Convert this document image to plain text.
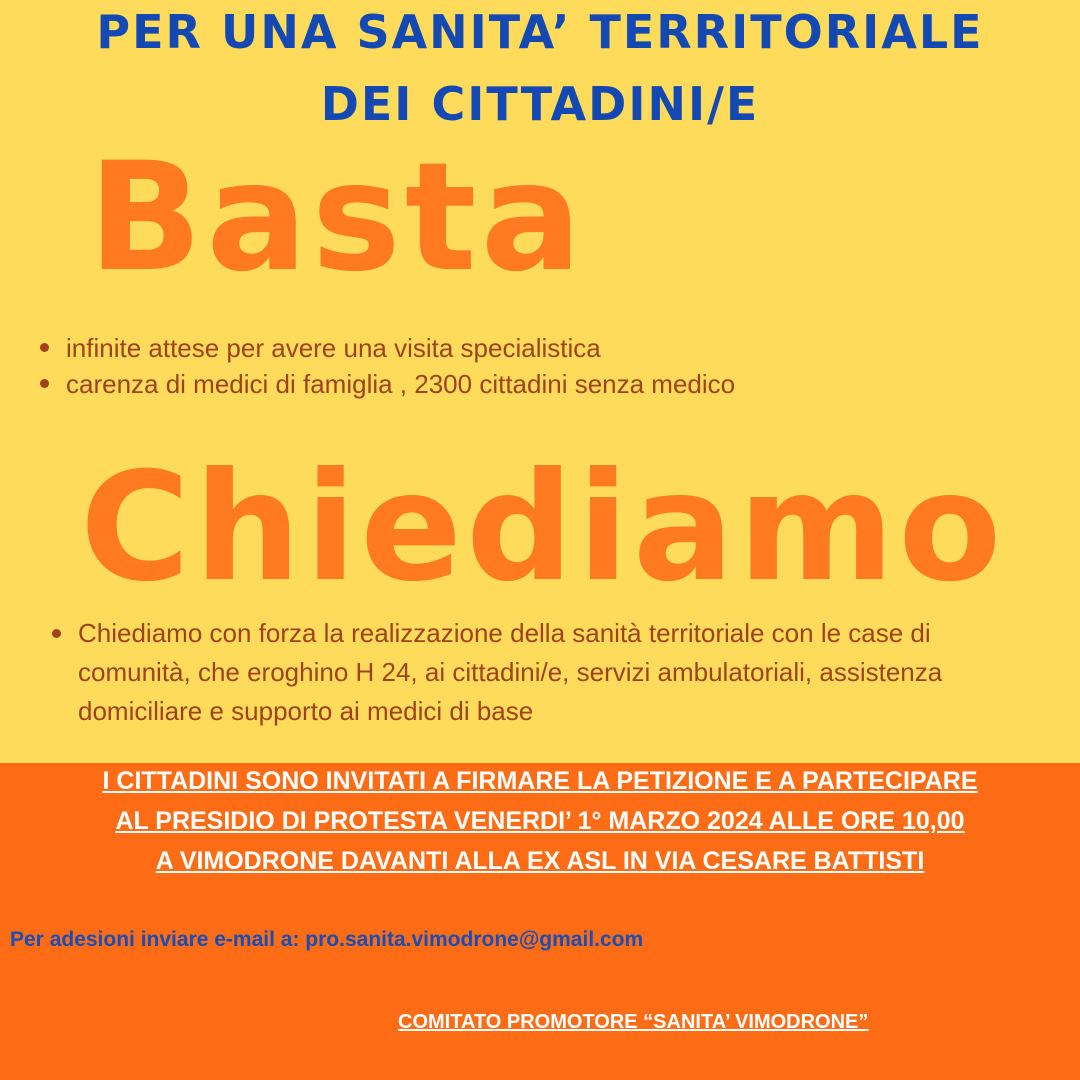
PER UNA SANITA’ TERRITORIALE
DEI CITTADINI/E
Basta
infinite attese per avere una visita specialistica
carenza di medici di famiglia , 2300 cittadini senza medico
Chiediamo
Chiediamo con forza la realizzazione della sanità territoriale con le case di comunità, che eroghino H 24, ai cittadini/e, servizi ambulatoriali, assistenza domiciliare e supporto ai medici di base
I CITTADINI SONO INVITATI A FIRMARE LA PETIZIONE E A PARTECIPARE
AL PRESIDIO DI PROTESTA VENERDI’ 1° MARZO 2024 ALLE ORE 10,00
A VIMODRONE DAVANTI ALLA EX ASL IN VIA CESARE BATTISTI
Per adesioni inviare e-mail a: pro.sanita.vimodrone@gmail.com
COMITATO PROMOTORE “SANITA’ VIMODRONE”
